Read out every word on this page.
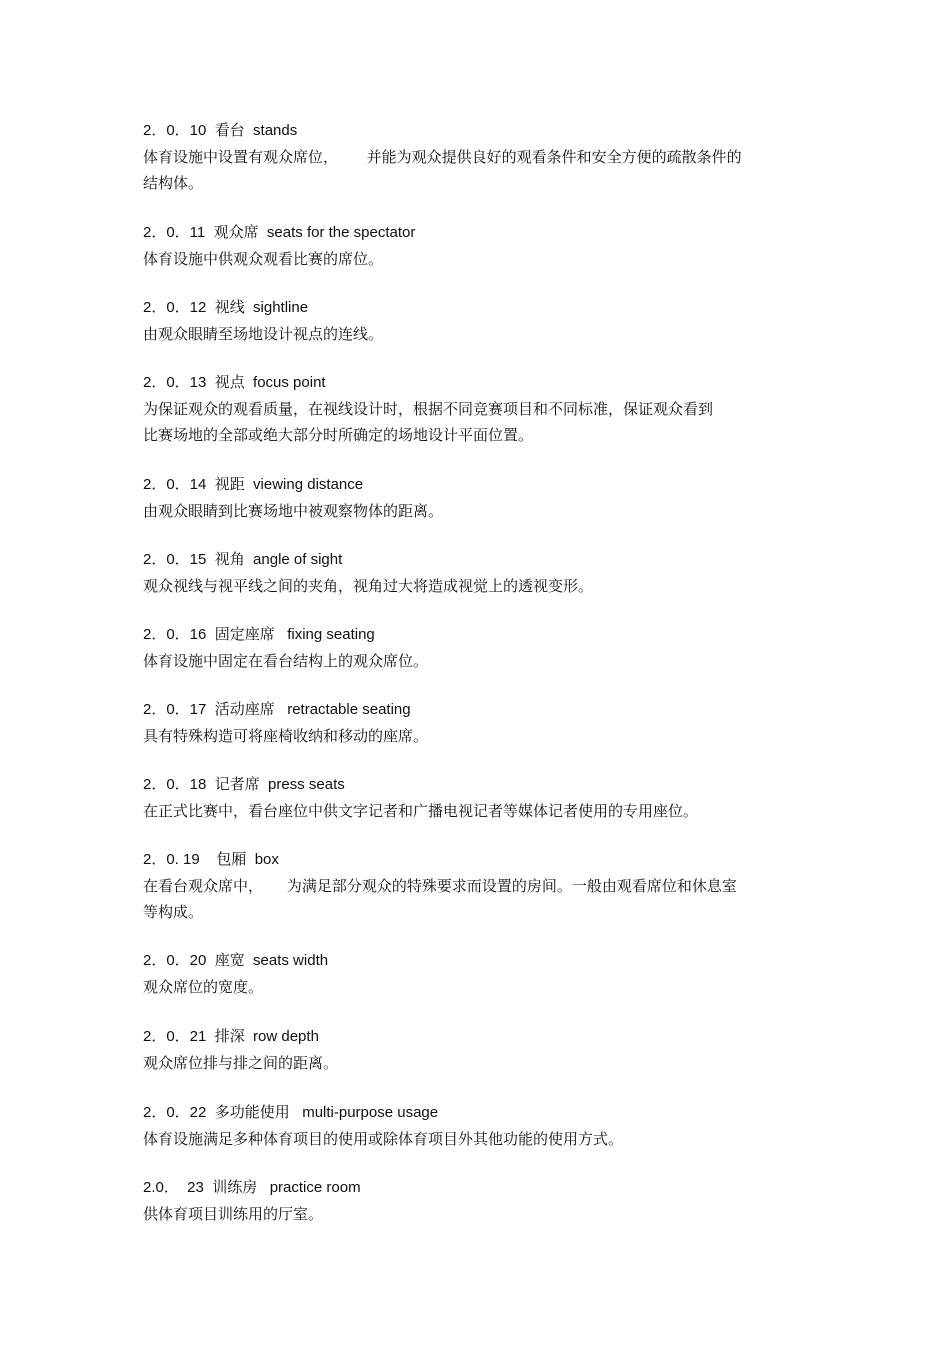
2．0．10  看台  stands

体育设施中设置有观众席位，      并能为观众提供良好的观看条件和安全方便的疏散条件的

结构体。

2．0．11  观众席  seats for the spectator

体育设施中供观众观看比赛的席位。

2．0．12  视线  sightline

由观众眼睛至场地设计视点的连线。

2．0．13  视点  focus point

为保证观众的观看质量，在视线设计时，根据不同竞赛项目和不同标准，保证观众看到

比赛场地的全部或绝大部分时所确定的场地设计平面位置。

2．0．14  视距  viewing distance

由观众眼睛到比赛场地中被观察物体的距离。

2．0．15  视角  angle of sight

观众视线与视平线之间的夹角，视角过大将造成视觉上的透视变形。

2．0．16  固定座席   fixing seating

体育设施中固定在看台结构上的观众席位。

2．0．17  活动座席   retractable seating

具有特殊构造可将座椅收纳和移动的座席。

2．0．18  记者席  press seats

在正式比赛中，看台座位中供文字记者和广播电视记者等媒体记者使用的专用座位。

2．0. 19    包厢  box

在看台观众席中，     为满足部分观众的特殊要求而设置的房间。一般由观看席位和休息室

等构成。

2．0．20  座宽  seats width

观众席位的宽度。

2．0．21  排深  row depth

观众席位排与排之间的距离。

2．0．22  多功能使用   multi-purpose usage

体育设施满足多种体育项目的使用或除体育项目外其他功能的使用方式。

2.0．  23  训练房   practice room

供体育项目训练用的厅室。
